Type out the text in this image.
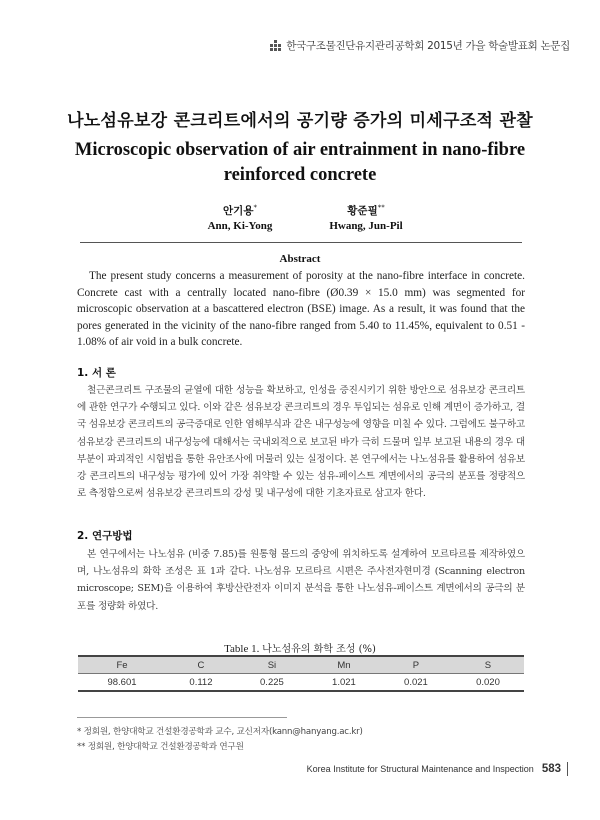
한국구조물진단유지관리공학회 2015년 가을 학술발표회 논문집
나노섬유보강 콘크리트에서의 공기량 증가의 미세구조적 관찰
Microscopic observation of air entrainment in nano-fibre reinforced concrete
안기용*
Ann, Ki-Yong
황준필**
Hwang, Jun-Pil
Abstract
The present study concerns a measurement of porosity at the nano-fibre interface in concrete. Concrete cast with a centrally located nano-fibre (Ø0.39 × 15.0 mm) was segmented for microscopic observation at a bascattered electron (BSE) image. As a result, it was found that the pores generated in the vicinity of the nano-fibre ranged from 5.40 to 11.45%, equivalent to 0.51 - 1.08% of air void in a bulk concrete.
1. 서 론
철근콘크리트 구조물의 균열에 대한 성능을 확보하고, 인성을 증진시키기 위한 방안으로 섬유보강 콘크리트에 관한 연구가 수행되고 있다. 이와 같은 섬유보강 콘크리트의 경우 투입되는 섬유로 인해 계면이 증가하고, 결국 섬유보강 콘크리트의 공극증대로 인한 염해부식과 같은 내구성능에 영향을 미칠 수 있다. 그럼에도 불구하고 섬유보강 콘크리트의 내구성능에 대해서는 국내외적으로 보고된 바가 극히 드물며 일부 보고된 내용의 경우 대부분이 파괴적인 시험법을 통한 유안조사에 머물러 있는 실정이다. 본 연구에서는 나노섬유를 활용하여 섬유보강 콘크리트의 내구성능 평가에 있어 가장 취약할 수 있는 섬유-페이스트 계면에서의 공극의 분포를 정량적으로 측정함으로써 섬유보강 콘크리트의 강성 및 내구성에 대한 기초자료로 삼고자 한다.
2. 연구방법
본 연구에서는 나노섬유 (비중 7.85)를 원통형 몰드의 중앙에 위치하도록 설계하여 모르타르를 제작하였으며, 나노섬유의 화학 조성은 표 1과 같다. 나노섬유 모르타르 시편은 주사전자현미경 (Scanning electron microscope; SEM)을 이용하여 후방산란전자 이미지 분석을 통한 나노섬유-페이스트 계면에서의 공극의 분포를 정량화 하였다.
Table 1. 나노섬유의 화학 조성 (%)
Fe	C	Si	Mn	P	S
98.601	0.112	0.225	1.021	0.021	0.020
* 정회원, 한양대학교 건설환경공학과 교수, 교신저자(kann@hanyang.ac.kr)
** 정회원, 한양대학교 건설환경공학과 연구원
Korea Institute for Structural Maintenance and Inspection 583
